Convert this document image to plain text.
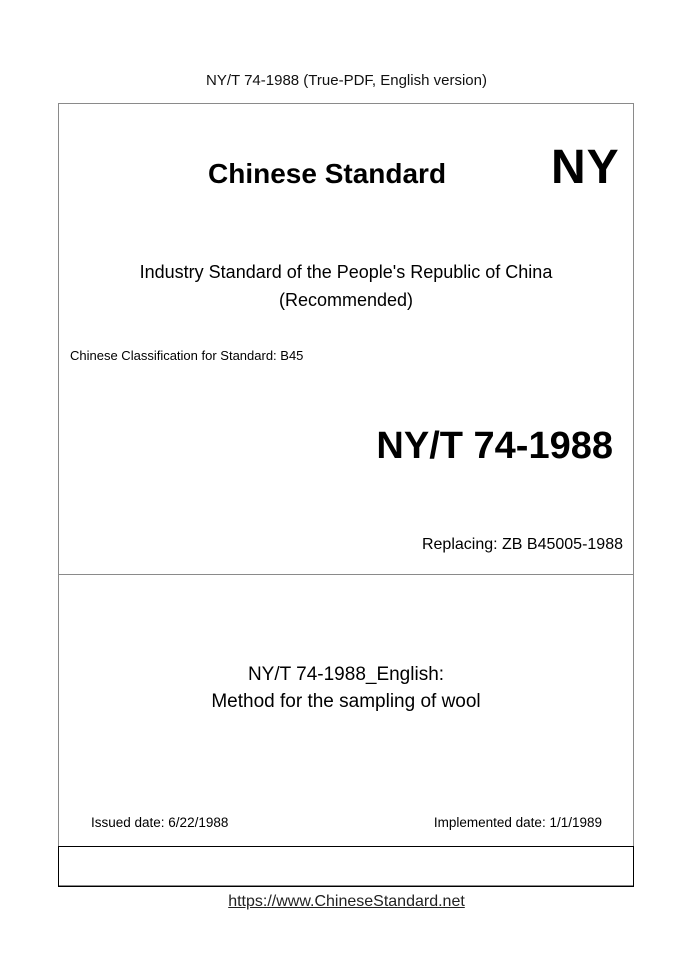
NY/T 74-1988 (True-PDF, English version)
Chinese Standard NY
Industry Standard of the People's Republic of China
(Recommended)
Chinese Classification for Standard: B45
NY/T 74-1988
Replacing: ZB B45005-1988
NY/T 74-1988_English:
Method for the sampling of wool
Issued date: 6/22/1988	Implemented date: 1/1/1989
https://www.ChineseStandard.net
